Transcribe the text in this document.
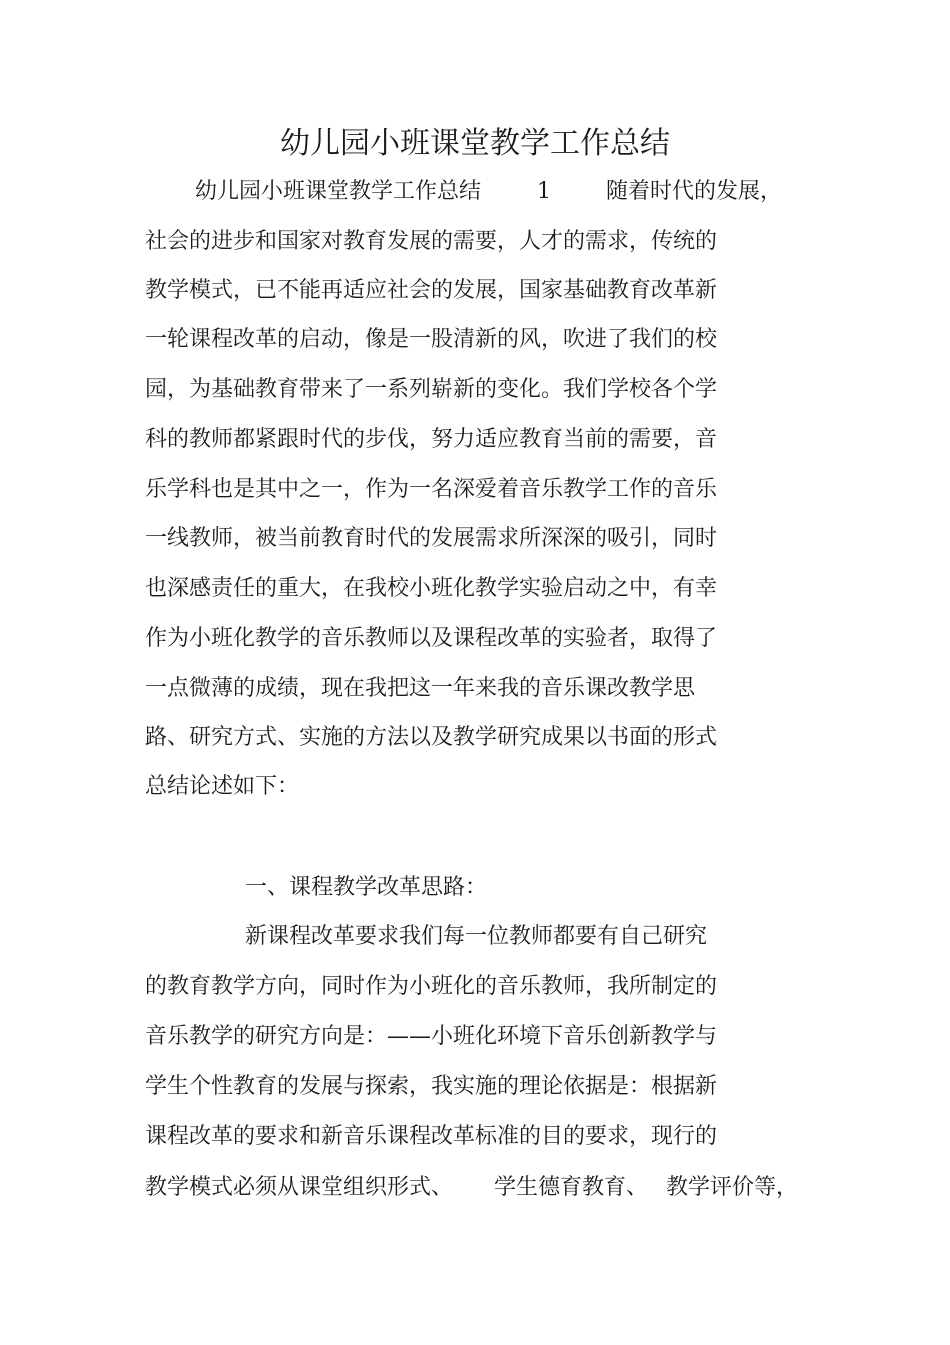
幼儿园小班课堂教学工作总结
幼儿园小班课堂教学工作总结	1	随着时代的发展，
社会的进步和国家对教育发展的需要，人才的需求，传统的
教学模式，已不能再适应社会的发展，国家基础教育改革新
一轮课程改革的启动，像是一股清新的风，吹进了我们的校
园，为基础教育带来了一系列崭新的变化。我们学校各个学
科的教师都紧跟时代的步伐，努力适应教育当前的需要，音
乐学科也是其中之一，作为一名深爱着音乐教学工作的音乐
一线教师，被当前教育时代的发展需求所深深的吸引，同时
也深感责任的重大，在我校小班化教学实验启动之中，有幸
作为小班化教学的音乐教师以及课程改革的实验者，取得了
一点微薄的成绩，现在我把这一年来我的音乐课改教学思
路、研究方式、实施的方法以及教学研究成果以书面的形式
总结论述如下：
一、课程教学改革思路：
新课程改革要求我们每一位教师都要有自己研究
的教育教学方向，同时作为小班化的音乐教师，我所制定的
音乐教学的研究方向是：——小班化环境下音乐创新教学与
学生个性教育的发展与探索，我实施的理论依据是：根据新
课程改革的要求和新音乐课程改革标准的目的要求，现行的
教学模式必须从课堂组织形式、 学生德育教育、 教学评价等，
